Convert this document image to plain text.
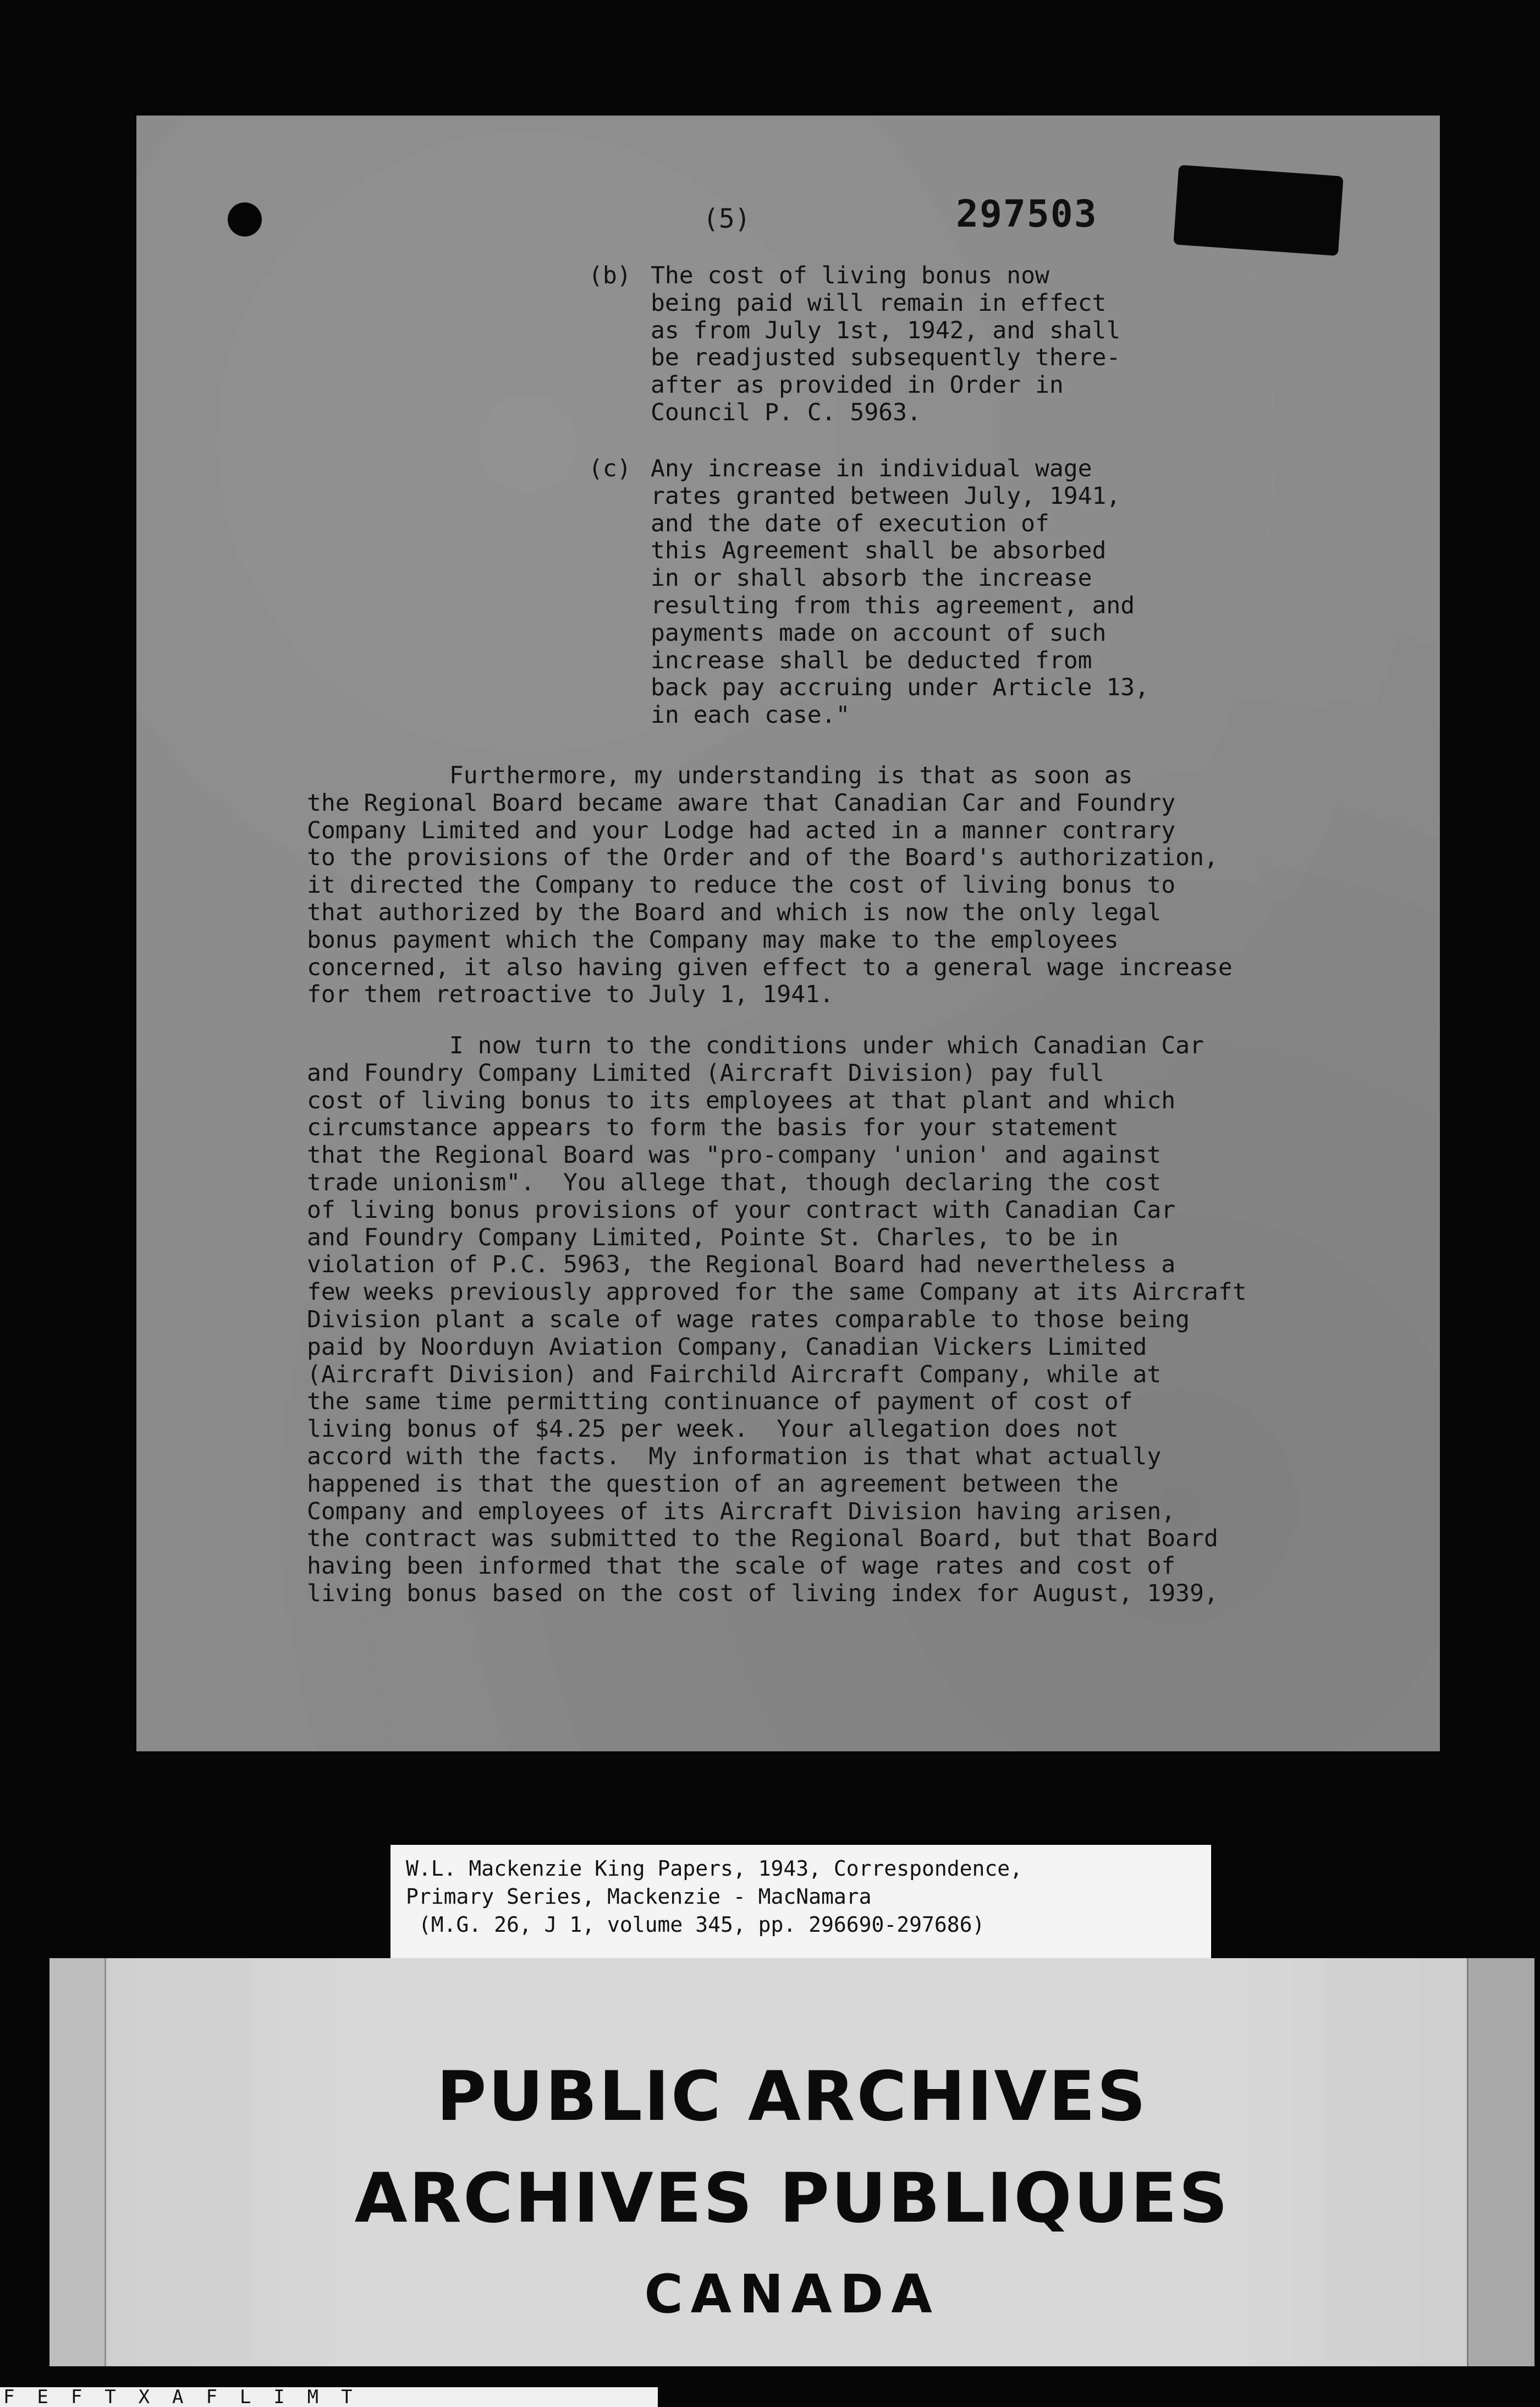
(5)	297503
(b) The cost of living bonus now
being paid will remain in effect
as from July 1st, 1942, and shall
be readjusted subsequently there-
after as provided in Order in
Council P. C. 5963.

(c) Any increase in individual wage
rates granted between July, 1941,
and the date of execution of
this Agreement shall be absorbed
in or shall absorb the increase
resulting from this agreement, and
payments made on account of such
increase shall be deducted from
back pay accruing under Article 13,
in each case."

Furthermore, my understanding is that as soon as
the Regional Board became aware that Canadian Car and Foundry
Company Limited and your Lodge had acted in a manner contrary
to the provisions of the Order and of the Board's authorization,
it directed the Company to reduce the cost of living bonus to
that authorized by the Board and which is now the only legal
bonus payment which the Company may make to the employees
concerned, it also having given effect to a general wage increase
for them retroactive to July 1, 1941.

I now turn to the conditions under which Canadian Car
and Foundry Company Limited (Aircraft Division) pay full
cost of living bonus to its employees at that plant and which
circumstance appears to form the basis for your statement
that the Regional Board was "pro-company 'union' and against
trade unionism".  You allege that, though declaring the cost
of living bonus provisions of your contract with Canadian Car
and Foundry Company Limited, Pointe St. Charles, to be in
violation of P.C. 5963, the Regional Board had nevertheless a
few weeks previously approved for the same Company at its Aircraft
Division plant a scale of wage rates comparable to those being
paid by Noorduyn Aviation Company, Canadian Vickers Limited
(Aircraft Division) and Fairchild Aircraft Company, while at
the same time permitting continuance of payment of cost of
living bonus of $4.25 per week.  Your allegation does not
accord with the facts.  My information is that what actually
happened is that the question of an agreement between the
Company and employees of its Aircraft Division having arisen,
the contract was submitted to the Regional Board, but that Board
having been informed that the scale of wage rates and cost of
living bonus based on the cost of living index for August, 1939,

W.L. Mackenzie King Papers, 1943, Correspondence,
Primary Series, Mackenzie - MacNamara
(M.G. 26, J 1, volume 345, pp. 296690-297686)
PUBLIC ARCHIVES
ARCHIVES PUBLIQUES
CANADA
F  E  F  T  X  A  F  L  I  M  T
